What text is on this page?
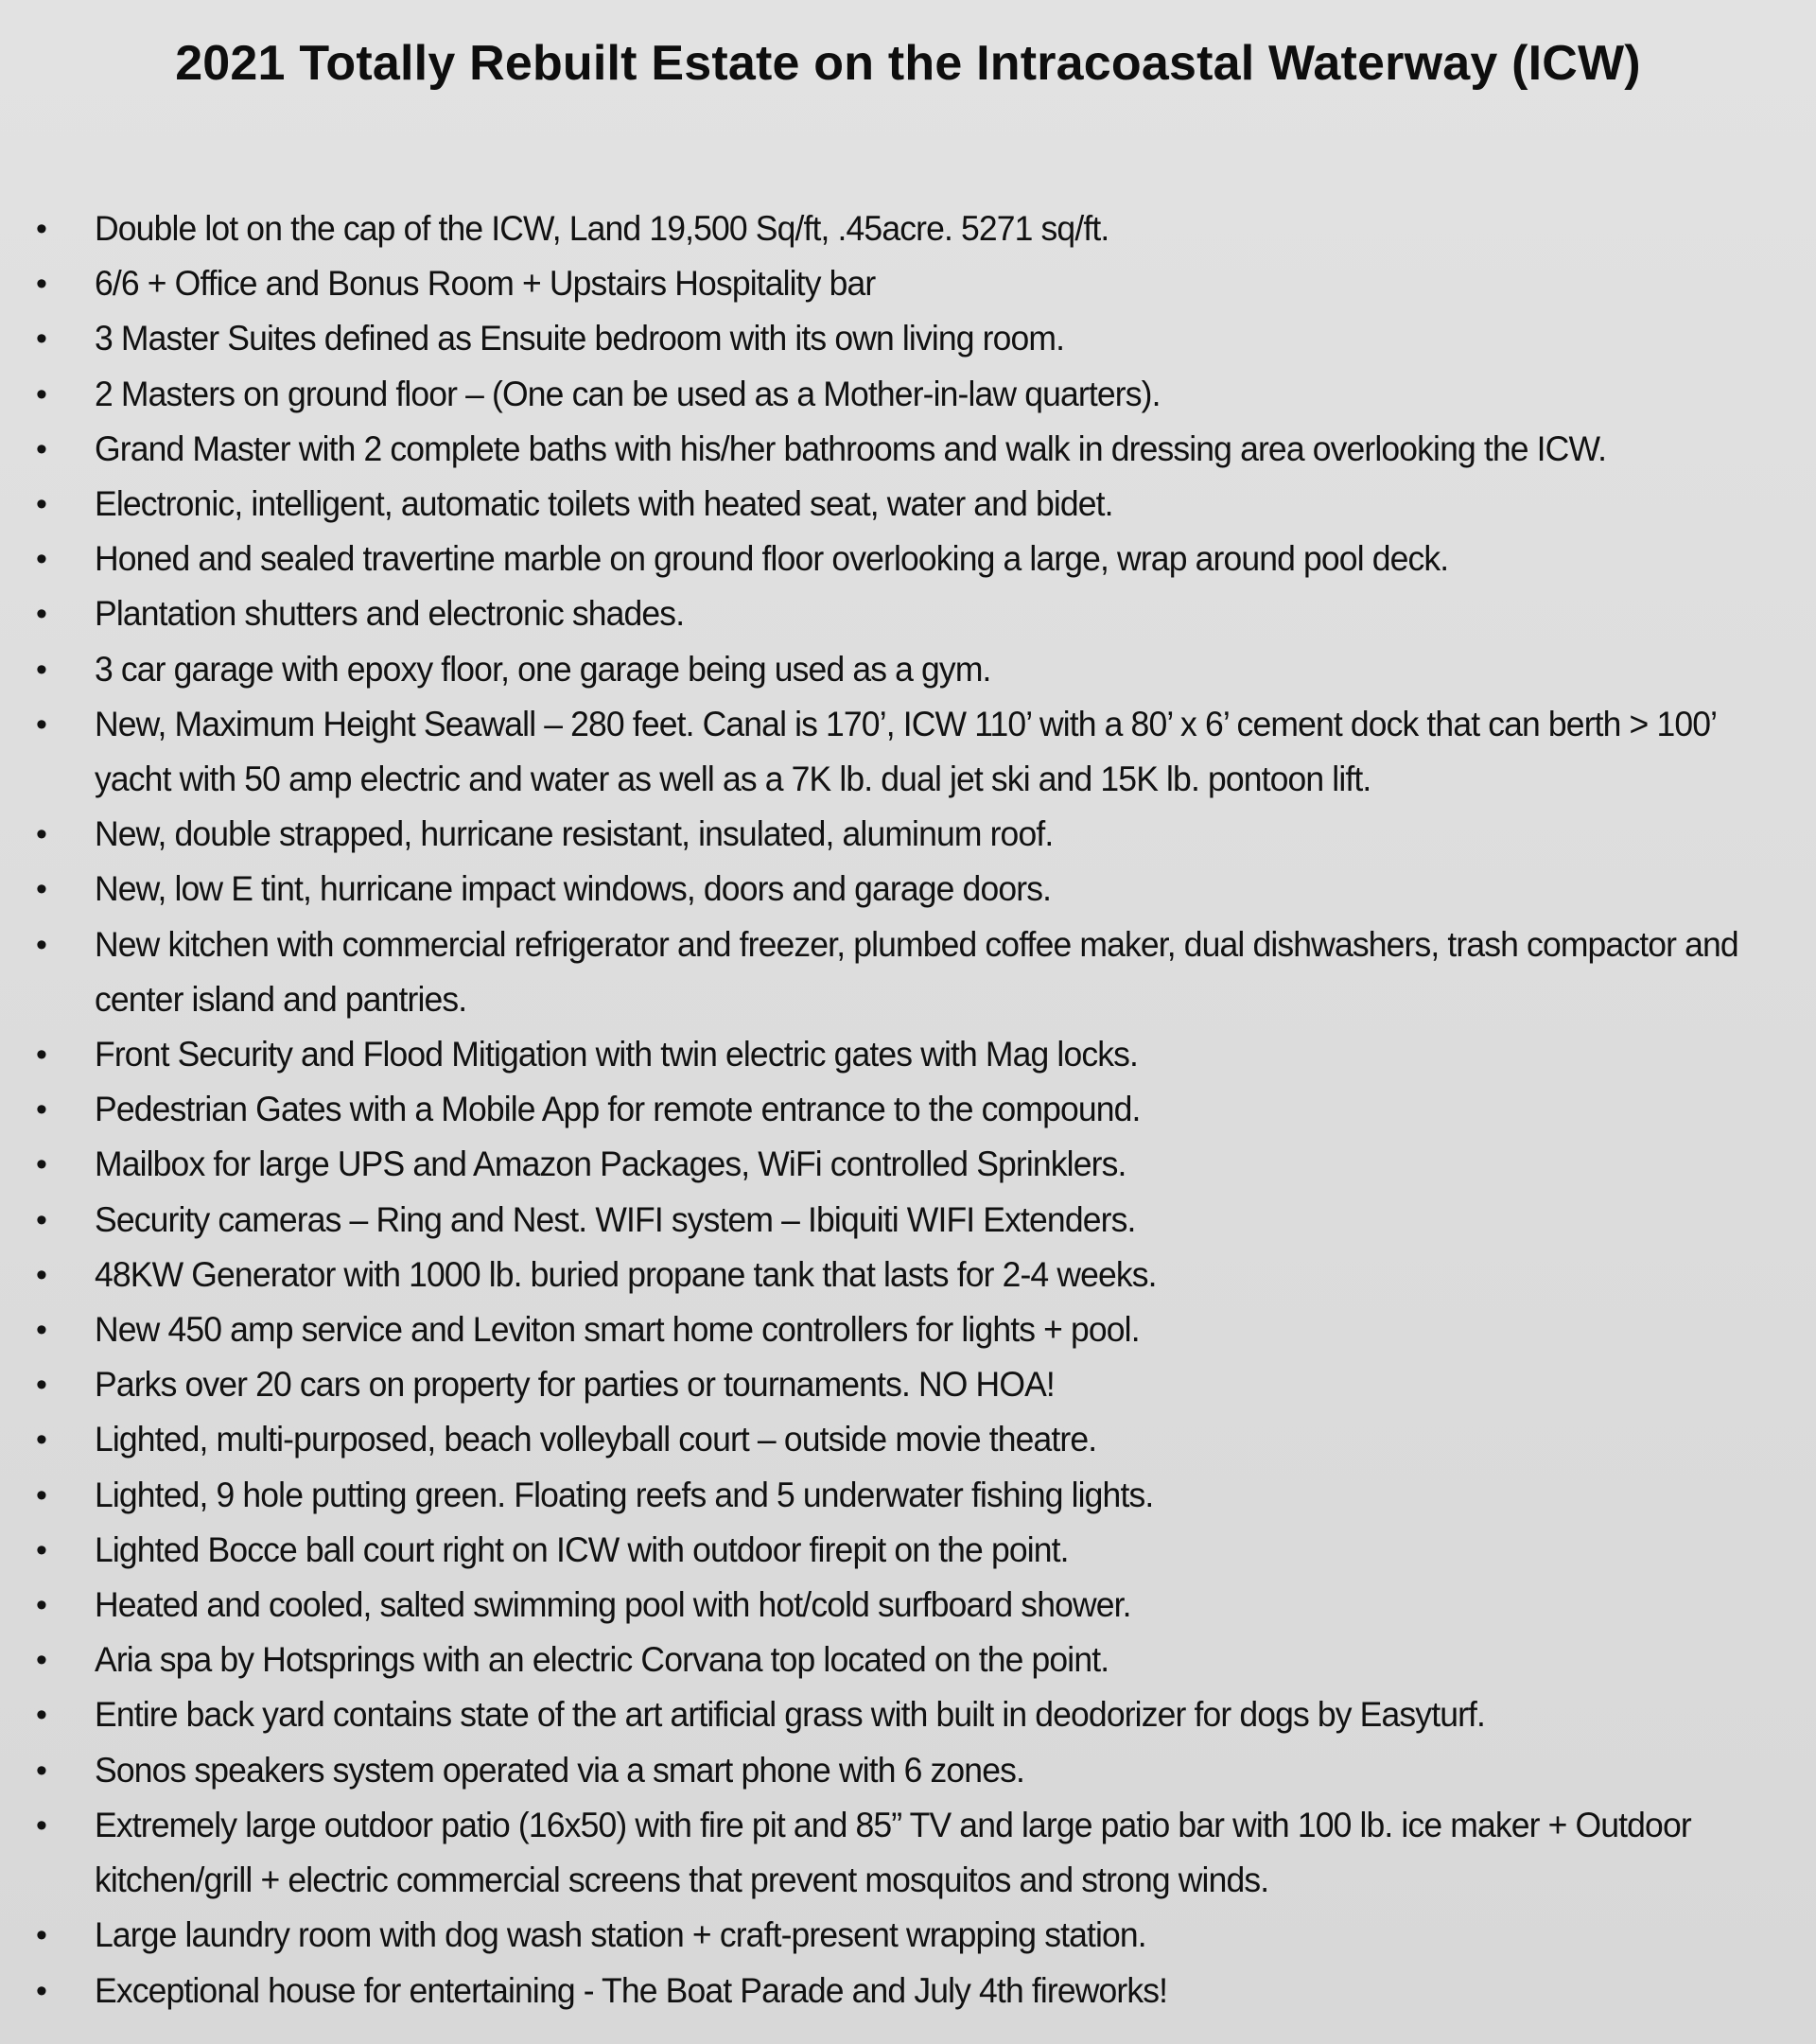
2021 Totally Rebuilt Estate on the Intracoastal Waterway (ICW)
• Double lot on the cap of the ICW, Land 19,500 Sq/ft, .45acre. 5271 sq/ft.
• 6/6 + Office and Bonus Room + Upstairs Hospitality bar
• 3 Master Suites defined as Ensuite bedroom with its own living room.
• 2 Masters on ground floor – (One can be used as a Mother-in-law quarters).
• Grand Master with 2 complete baths with his/her bathrooms and walk in dressing area overlooking the ICW.
• Electronic, intelligent, automatic toilets with heated seat, water and bidet.
• Honed and sealed travertine marble on ground floor overlooking a large, wrap around pool deck.
• Plantation shutters and electronic shades.
• 3 car garage with epoxy floor, one garage being used as a gym.
• New, Maximum Height Seawall – 280 feet. Canal is 170’, ICW 110’ with a 80’ x 6’ cement dock that can berth > 100’ yacht with 50 amp electric and water as well as a 7K lb. dual jet ski and 15K lb. pontoon lift.
• New, double strapped, hurricane resistant, insulated, aluminum roof.
• New, low E tint, hurricane impact windows, doors and garage doors.
• New kitchen with commercial refrigerator and freezer, plumbed coffee maker, dual dishwashers, trash compactor and center island and pantries.
• Front Security and Flood Mitigation with twin electric gates with Mag locks.
• Pedestrian Gates with a Mobile App for remote entrance to the compound.
• Mailbox for large UPS and Amazon Packages, WiFi controlled Sprinklers.
• Security cameras – Ring and Nest. WIFI system – Ibiquiti WIFI Extenders.
• 48KW Generator with 1000 lb. buried propane tank that lasts for 2-4 weeks.
• New 450 amp service and Leviton smart home controllers for lights + pool.
• Parks over 20 cars on property for parties or tournaments. NO HOA!
• Lighted, multi-purposed, beach volleyball court – outside movie theatre.
• Lighted, 9 hole putting green. Floating reefs and 5 underwater fishing lights.
• Lighted Bocce ball court right on ICW with outdoor firepit on the point.
• Heated and cooled, salted swimming pool with hot/cold surfboard shower.
• Aria spa by Hotsprings with an electric Corvana top located on the point.
• Entire back yard contains state of the art artificial grass with built in deodorizer for dogs by Easyturf.
• Sonos speakers system operated via a smart phone with 6 zones.
• Extremely large outdoor patio (16x50) with fire pit and 85” TV and large patio bar with 100 lb. ice maker + Outdoor kitchen/grill + electric commercial screens that prevent mosquitos and strong winds.
• Large laundry room with dog wash station + craft-present wrapping station.
• Exceptional house for entertaining - The Boat Parade and July 4th fireworks!
